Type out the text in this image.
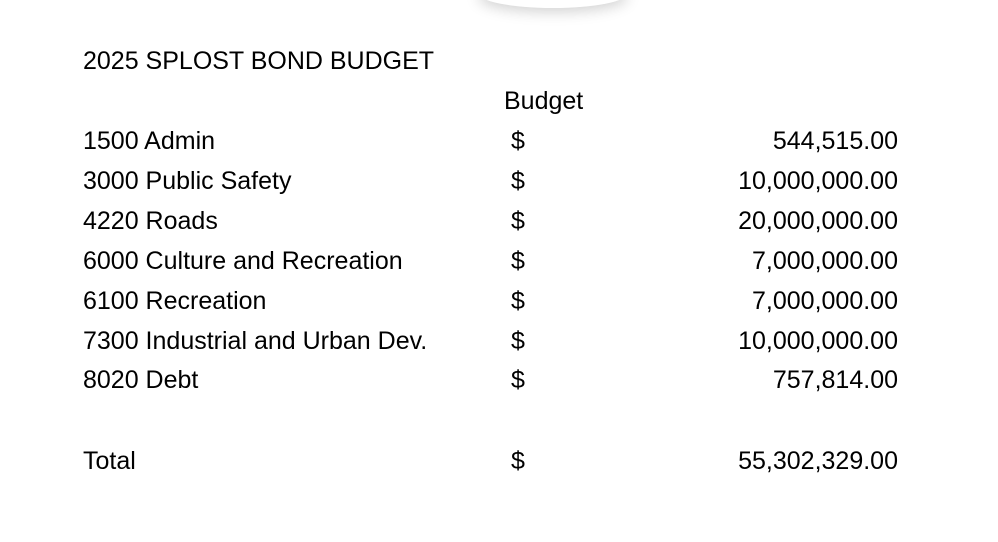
2025 SPLOST BOND BUDGET
Budget
1500 Admin	$	544,515.00
3000 Public Safety	$	10,000,000.00
4220 Roads	$	20,000,000.00
6000 Culture and Recreation	$	7,000,000.00
6100 Recreation	$	7,000,000.00
7300 Industrial and Urban Dev.	$	10,000,000.00
8020 Debt	$	757,814.00
Total	$	55,302,329.00
